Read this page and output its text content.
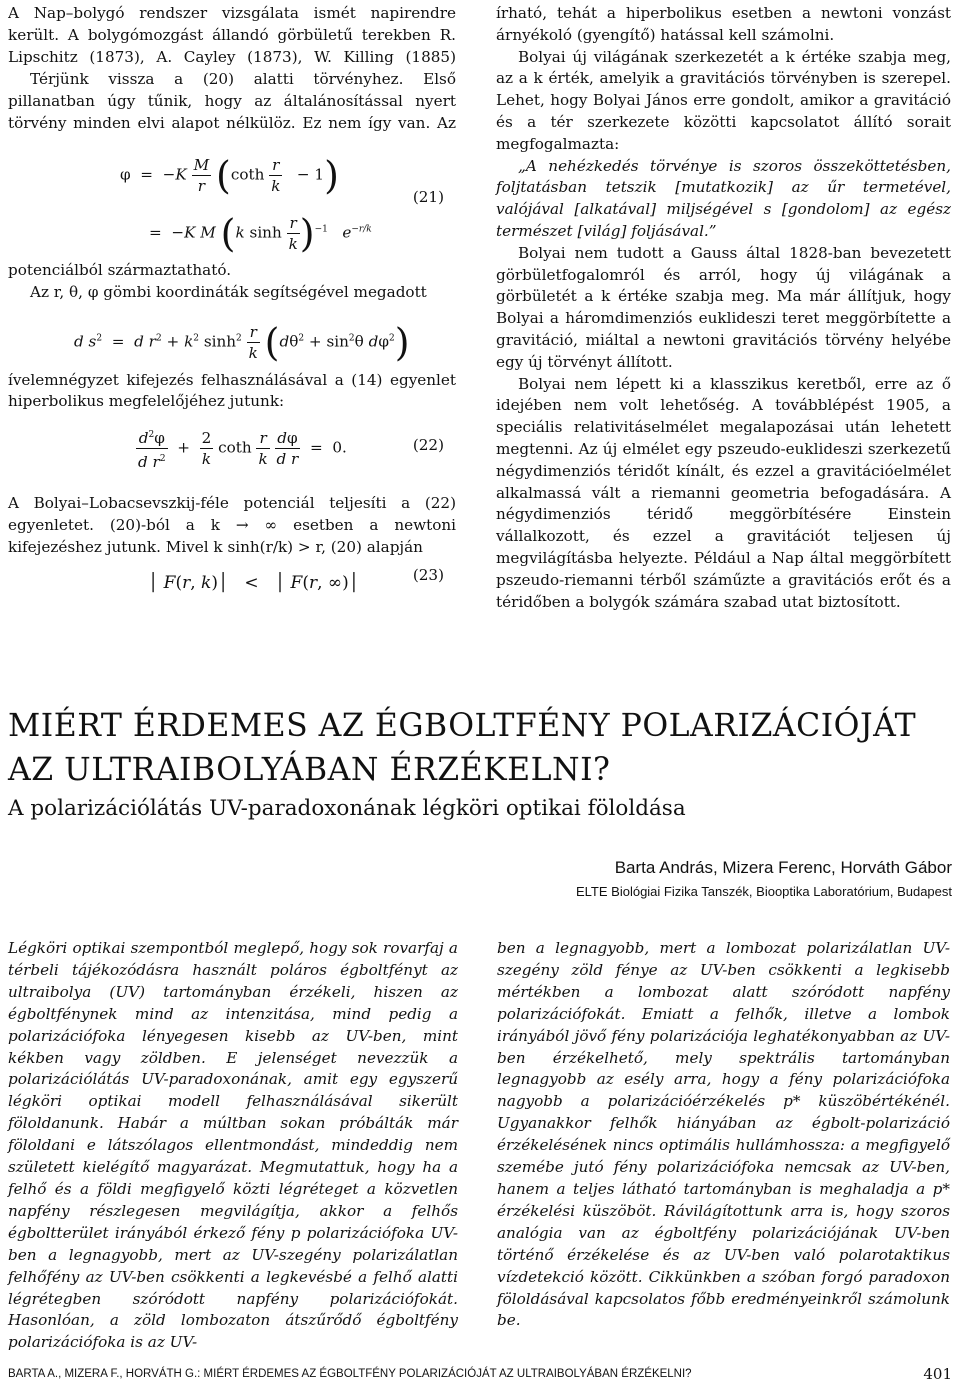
A Nap–bolygó rendszer vizsgálata ismét napirendre került. A bolygómozgást állandó görbületű terekben R. Lipschitz (1873), A. Cayley (1873), W. Killing (1885)

Térjünk vissza a (20) alatti törvényhez. Első pillanatban úgy tűnik, hogy az általánosítással nyert törvény minden elvi alapot nélkülöz. Ez nem így van. Az

$\varphi = -K \frac{M}{r} (\cot h \frac{r}{k} - 1)$
=  −K M (k $\sinh \frac{r}{k} )^{-1}$ $e^{-r/k}$
(21)

potenciálból származtatható.

Az r, θ, φ gömbi koordináták segítségével megadott

d $s^2 = d$ $r^2 + k^2$ $\sinh^2 \frac{r}{k} (d\theta^2 + \sin^2\theta$ $d\varphi^2$)

ívelemnégyzet kifejezés felhasználásával a (14) egyenlet hiperbolikus megfelelőjéhez jutunk:

$\frac{d^2\varphi}{d r^2} + \frac{2}{k}$ coth $\frac{r}{k}$
$\frac{d\varphi}{\text{d r}} = 0$.	(22)

A Bolyai–Lobacsevszkij-féle potenciál teljesíti a (22) egyenletet. (20)-ból a k → ∞ esetben a newtoni kifejezéshez jutunk. Mivel k sinh(r/k) > r, (20) alapján

│ F(r, k)│   <   │ F(r, ∞)│	(23)

írható, tehát a hiperbolikus esetben a newtoni vonzást árnyékoló (gyengítő) hatással kell számolni.

Bolyai új világának szerkezetét a k értéke szabja meg, az a k érték, amelyik a gravitációs törvényben is szerepel. Lehet, hogy Bolyai János erre gondolt, amikor a gravitáció és a tér szerkezete közötti kapcsolatot állító sorait megfogalmazta:

„A nehézkedés törvénye is szoros összeköttetésben, foljtatásban tetszik [mutatkozik] az űr termetével, valójával [alkatával] miljségével s [gondolom] az egész természet [világ] foljásával.”

Bolyai nem tudott a Gauss által 1828-ban bevezetett görbületfogalomról és arról, hogy új világának a görbületét a k értéke szabja meg. Ma már állítjuk, hogy Bolyai a háromdimenziós euklideszi teret meggörbítette a gravitáció, miáltal a newtoni gravitációs törvény helyébe egy új törvényt állított.

Bolyai nem lépett ki a klasszikus keretből, erre az ő idejében nem volt lehetőség. A továbblépést 1905, a speciális relativitáselmélet megalapozásai után lehetett megtenni. Az új elmélet egy pszeudo-euklideszi szerkezetű négydimenziós téridőt kínált, és ezzel a gravitációelmélet alkalmassá vált a riemanni geometria befogadására. A négydimenziós téridő meggörbítésére Einstein vállalkozott, és ezzel a gravitációt teljesen új megvilágításba helyezte. Például a Nap által meggörbített pszeudo-riemanni térből száműzte a gravitációs erőt és a téridőben a bolygók számára szabad utat biztosított.

MIÉRT ÉRDEMES AZ ÉGBOLTFÉNY POLARIZÁCIÓJÁT
AZ ULTRAIBOLYÁBAN ÉRZÉKELNI?
A polarizációlátás UV-paradoxonának légköri optikai föloldása
Barta András, Mizera Ferenc, Horváth Gábor
ELTE Biológiai Fizika Tanszék, Biooptika Laboratórium, Budapest
Légköri optikai szempontból meglepő, hogy sok rovarfaj a térbeli tájékozódásra használt poláros égboltfényt az ultraibolya (UV) tartományban érzékeli, hiszen az égboltfénynek mind az intenzitása, mind pedig a polarizációfoka lényegesen kisebb az UV-ben, mint kékben vagy zöldben. E jelenséget nevezzük a polarizációlátás UV-paradoxonának, amit egy egyszerű légköri optikai modell felhasználásával sikerült föloldanunk. Habár a múltban sokan próbálták már föloldani e látszólagos ellentmondást, mindeddig nem született kielégítő magyarázat. Megmutattuk, hogy ha a felhő és a földi megfigyelő közti légréteget a közvetlen napfény részlegesen megvilágítja, akkor a felhős égboltterület irányából érkező fény p polarizációfoka UV-ben a legnagyobb, mert az UV-szegény polarizálatlan felhőfény az UV-ben csökkenti a legkevésbé a felhő alatti légrétegben szóródott napfény polarizációfokát. Hasonlóan, a zöld lombozaton átszűrődő égboltfény polarizációfoka is az UV-
ben a legnagyobb, mert a lombozat polarizálatlan UV-szegény zöld fénye az UV-ben csökkenti a legkisebb mértékben a lombozat alatt szóródott napfény polarizációfokát. Emiatt a felhők, illetve a lombok irányából jövő fény polarizációja leghatékonyabban az UV-ben érzékelhető, mely spektrális tartományban legnagyobb az esély arra, hogy a fény polarizációfoka nagyobb a polarizációérzékelés p* küszöbértékénél. Ugyanakkor felhők hiányában az égbolt-polarizáció érzékelésének nincs optimális hullámhossza: a megfigyelő szemébe jutó fény polarizációfoka nemcsak az UV-ben, hanem a teljes látható tartományban is meghaladja a p* érzékelési küszöböt. Rávilágítottunk arra is, hogy szoros analógia van az égboltfény polarizációjának UV-ben történő érzékelése és az UV-ben való polarotaktikus vízdetekció között. Cikkünkben a szóban forgó paradoxon föloldásával kapcsolatos főbb eredményeinkről számolunk be.
BARTA A., MIZERA F., HORVÁTH G.: MIÉRT ÉRDEMES AZ ÉGBOLTFÉNY POLARIZÁCIÓJÁT AZ ULTRAIBOLYÁBAN ÉRZÉKELNI?	401
